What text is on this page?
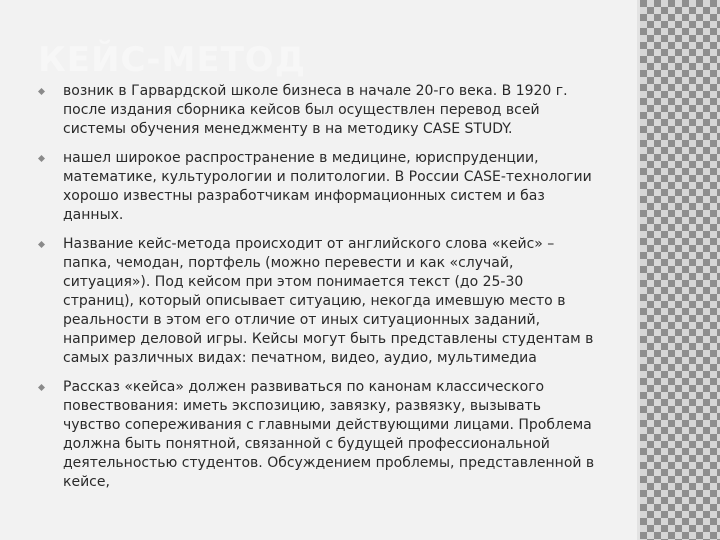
КЕЙС-МЕТОД
возник в Гарвардской школе бизнеса в начале 20-го века. В 1920 г. после издания сборника кейсов был осуществлен перевод всей системы обучения менеджменту в на методику CASE STUDY.
нашел широкое распространение в медицине, юриспруденции, математике, культурологии и политологии. В России CASE-технологии хорошо известны разработчикам информационных систем и баз данных.
Название кейс-метода происходит от английского слова «кейс» – папка, чемодан, портфель (можно перевести и как «случай, ситуация»). Под кейсом при этом понимается текст (до 25-30 страниц), который описывает ситуацию, некогда имевшую место в реальности в этом его отличие от иных ситуационных заданий, например деловой игры. Кейсы могут быть представлены студентам в самых различных видах: печатном, видео, аудио, мультимедиа
Рассказ «кейса» должен развиваться по канонам классического повествования: иметь экспозицию, завязку, развязку, вызывать чувство сопереживания с главными действующими лицами. Проблема должна быть понятной, связанной с будущей профессиональной деятельностью студентов. Обсуждением проблемы, представленной в кейсе,
